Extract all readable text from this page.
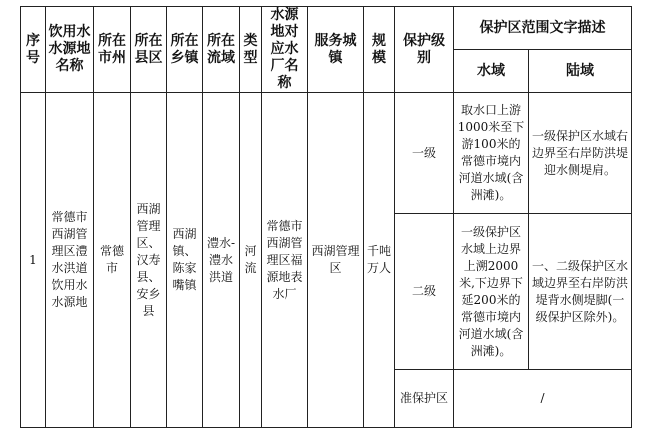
序号	饮用水水源地名称	所在市州	所在县区	所在乡镇	所在流域	类型	水源地对应水厂名称	服务城镇	规模	保护级别	保护区范围文字描述	
											水域	陆域
1	常德市西湖管理区澧水洪道饮用水水源地	常德市	西湖管理区、汉寿县、安乡县	西湖镇、陈家嘴镇	澧水-澧水洪道	河流	常德市西湖管理区福源地表水厂	西湖管理区	千吨万人	一级	取水口上游1000米至下游100米的常德市境内河道水域(含洲滩)。	一级保护区水域右边界至右岸防洪堤迎水侧堤肩。
										二级	一级保护区水域上边界上溯2000米,下边界下延200米的常德市境内河道水域(含洲滩)。	一、二级保护区水域边界至右岸防洪堤背水侧堤脚(一级保护区除外)。
										准保护区	/	
